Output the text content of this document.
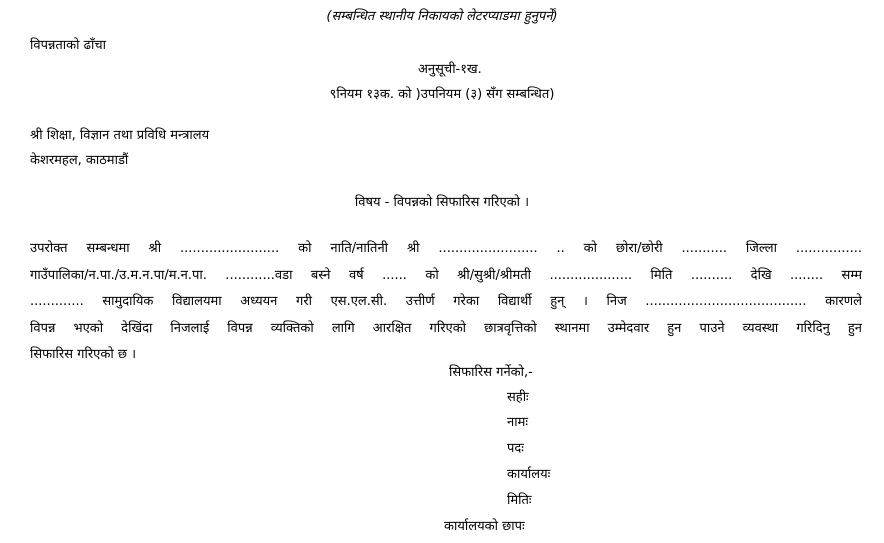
(सम्बन्धित स्थानीय निकायको लेटरप्याडमा हुनुपर्ने)
विपन्नताको ढाँचा
अनुसूची-१ख.
९नियम १३क. को )उपनियम (३) सँग सम्बन्धित)
श्री शिक्षा, विज्ञान तथा प्रविधि मन्त्रालय
केशरमहल, काठमाडौं
विषय - विपन्नको सिफारिस गरिएको ।
उपरोक्त सम्बन्धमा श्री ........................ को नाति/नातिनी श्री ........................ .. को छोरा/छोरी ........... जिल्ला ................
गाउँपालिका/न.पा./उ.म.न.पा/म.न.पा. ............वडा बस्ने वर्ष ...... को श्री/सुश्री/श्रीमती .................... मिति .......... देखि ........ सम्म
............. सामुदायिक विद्यालयमा अध्ययन गरी एस.एल.सी. उत्तीर्ण गरेका विद्यार्थी हुन् । निज ....................................... कारणले
विपन्न भएको देखिंदा निजलाई विपन्न व्यक्तिको लागि आरक्षित गरिएको छात्रवृत्तिको स्थानमा उम्मेदवार हुन पाउने व्यवस्था गरिदिनु हुन
सिफारिस गरिएको छ ।
सिफारिस गर्नेको,-
सहीः
नामः
पदः
कार्यालयः
मितिः
कार्यालयको छापः
